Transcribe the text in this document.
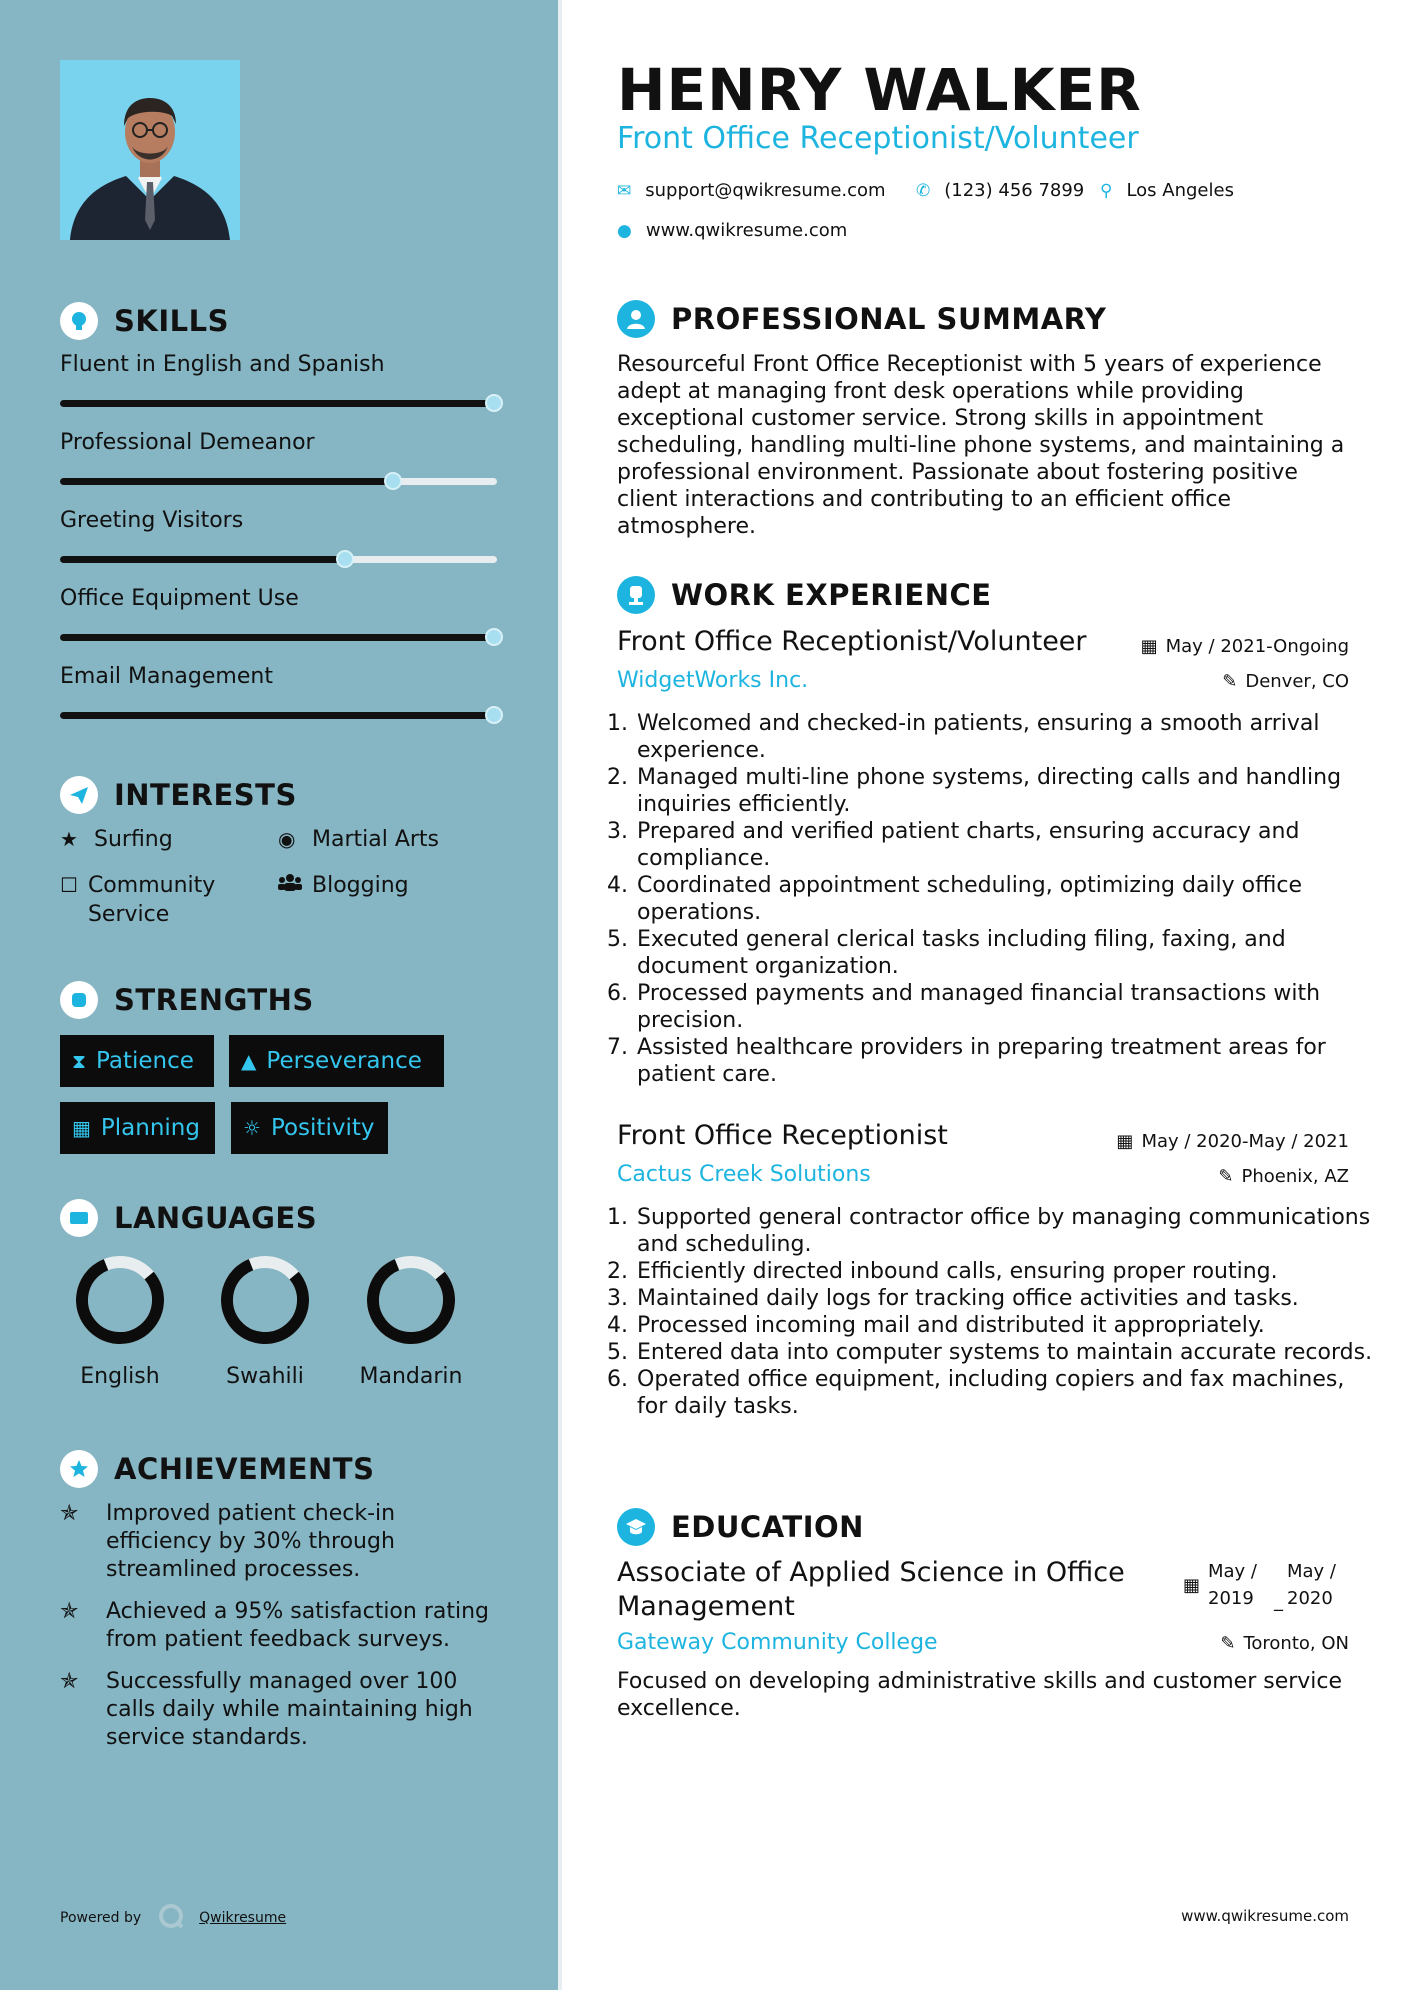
SKILLS
Fluent in English and Spanish
Professional Demeanor
Greeting Visitors
Office Equipment Use
Email Management
INTERESTS
★ Surfing	◉ Martial Arts
☐ Community Service
Blogging
STRENGTHS
⧗ Patience ▲ Perseverance
▦ Planning ☼ Positivity
LANGUAGES
English	Swahili	Mandarin
ACHIEVEMENTS
✯	Improved patient check-in efficiency by 30% through streamlined processes.
✯	Achieved a 95% satisfaction rating from patient feedback surveys.
✯	Successfully managed over 100 calls daily while maintaining high service standards.
Powered by	Qwikresume
HENRY WALKER
Front Office Receptionist/Volunteer
✉ support@qwikresume.com ✆ (123) 456 7899 ⚲ Los Angeles
● www.qwikresume.com
PROFESSIONAL SUMMARY
Resourceful Front Office Receptionist with 5 years of experience adept at managing front desk operations while providing exceptional customer service. Strong skills in appointment scheduling, handling multi-line phone systems, and maintaining a professional environment. Passionate about fostering positive client interactions and contributing to an efficient office atmosphere.
WORK EXPERIENCE
Front Office Receptionist/Volunteer
WidgetWorks Inc.
▦ May / 2021-Ongoing
✎ Denver, CO
1. Welcomed and checked-in patients, ensuring a smooth arrival experience.
2. Managed multi-line phone systems, directing calls and handling inquiries efficiently.
3. Prepared and verified patient charts, ensuring accuracy and compliance.
4. Coordinated appointment scheduling, optimizing daily office operations.
5. Executed general clerical tasks including filing, faxing, and document organization.
6. Processed payments and managed financial transactions with precision.
7. Assisted healthcare providers in preparing treatment areas for patient care.
Front Office Receptionist
Cactus Creek Solutions
▦ May / 2020-May / 2021
✎ Phoenix, AZ
1. Supported general contractor office by managing communications and scheduling.
2. Efficiently directed inbound calls, ensuring proper routing.
3. Maintained daily logs for tracking office activities and tasks.
4. Processed incoming mail and distributed it appropriately.
5. Entered data into computer systems to maintain accurate records.
6. Operated office equipment, including copiers and fax machines, for daily tasks.
EDUCATION
Associate of Applied Science in Office Management
Gateway Community College
▦
May / 2019	_
May / 2020
✎ Toronto, ON
Focused on developing administrative skills and customer service excellence.
www.qwikresume.com
